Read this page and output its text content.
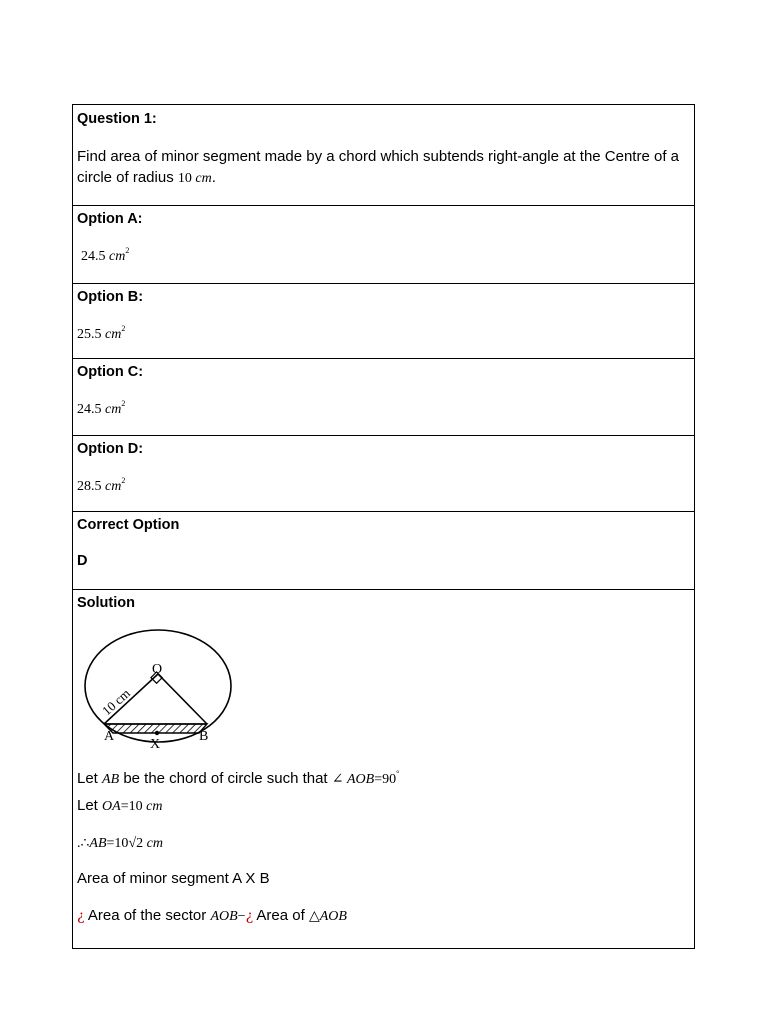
Question 1:
Find area of minor segment made by a chord which subtends right-angle at the Centre of a circle of radius 10 cm.
Option A:
24.5 $cm^2$
Option B:
25.5 $cm^2$
Option C:
24.5 $cm^2$
Option D:
28.5 $cm^2$
Correct Option
D
Solution
O
A	B
X
10 cm
Let AB be the chord of circle such that ∠ AOB=90°
Let OA=10 cm
.∴AB=10√2 cm
Area of minor segment A X B
¿ Area of the sector AOB−¿ Area of △AOB
